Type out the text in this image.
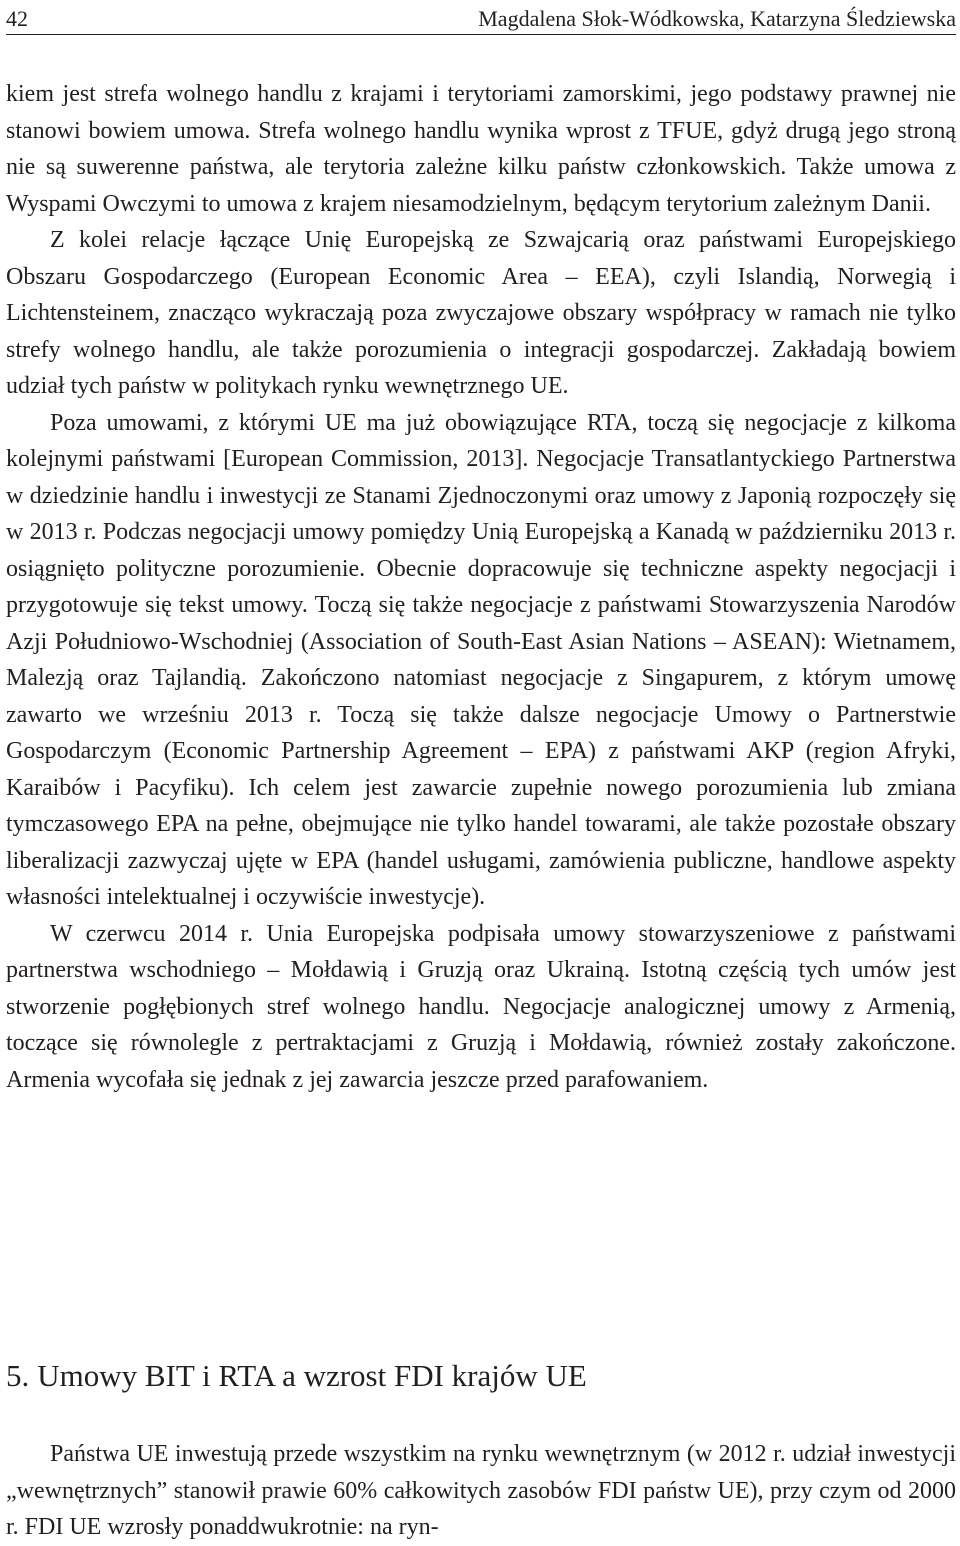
42	Magdalena Słok-Wódkowska, Katarzyna Śledziewska

kiem jest strefa wolnego handlu z krajami i terytoriami zamorskimi, jego podstawy prawnej nie stanowi bowiem umowa. Strefa wolnego handlu wynika wprost z TFUE, gdyż drugą jego stroną nie są suwerenne państwa, ale terytoria zależne kilku państw członkowskich. Także umowa z Wyspami Owczymi to umowa z krajem niesamodzielnym, będącym terytorium zależnym Danii.

Z kolei relacje łączące Unię Europejską ze Szwajcarią oraz państwami Europejskiego Obszaru Gospodarczego (European Economic Area – EEA), czyli Islandią, Norwegią i Lichtensteinem, znacząco wykraczają poza zwyczajowe obszary współpracy w ramach nie tylko strefy wolnego handlu, ale także porozumienia o integracji gospodarczej. Zakładają bowiem udział tych państw w politykach rynku wewnętrznego UE.

Poza umowami, z którymi UE ma już obowiązujące RTA, toczą się negocjacje z kilkoma kolejnymi państwami [European Commission, 2013]. Negocjacje Transatlantyckiego Partnerstwa w dziedzinie handlu i inwestycji ze Stanami Zjednoczonymi oraz umowy z Japonią rozpoczęły się w 2013 r. Podczas negocjacji umowy pomiędzy Unią Europejską a Kanadą w październiku 2013 r. osiągnięto polityczne porozumienie. Obecnie dopracowuje się techniczne aspekty negocjacji i przygotowuje się tekst umowy. Toczą się także negocjacje z państwami Stowarzyszenia Narodów Azji Południowo-Wschodniej (Association of South-East Asian Nations – ASEAN): Wietnamem, Malezją oraz Tajlandią. Zakończono natomiast negocjacje z Singapurem, z którym umowę zawarto we wrześniu 2013 r. Toczą się także dalsze negocjacje Umowy o Partnerstwie Gospodarczym (Economic Partnership Agreement – EPA) z państwami AKP (region Afryki, Karaibów i Pacyfiku). Ich celem jest zawarcie zupełnie nowego porozumienia lub zmiana tymczasowego EPA na pełne, obejmujące nie tylko handel towarami, ale także pozostałe obszary liberalizacji zazwyczaj ujęte w EPA (handel usługami, zamówienia publiczne, handlowe aspekty własności intelektualnej i oczywiście inwestycje).

W czerwcu 2014 r. Unia Europejska podpisała umowy stowarzyszeniowe z państwami partnerstwa wschodniego – Mołdawią i Gruzją oraz Ukrainą. Istotną częścią tych umów jest stworzenie pogłębionych stref wolnego handlu. Negocjacje analogicznej umowy z Armenią, toczące się równolegle z pertraktacjami z Gruzją i Mołdawią, również zostały zakończone. Armenia wycofała się jednak z jej zawarcia jeszcze przed parafowaniem.

5. Umowy BIT i RTA a wzrost FDI krajów UE

Państwa UE inwestują przede wszystkim na rynku wewnętrznym (w 2012 r. udział inwestycji „wewnętrznych” stanowił prawie 60% całkowitych zasobów FDI państw UE), przy czym od 2000 r. FDI UE wzrosły ponaddwukrotnie: na ryn-
